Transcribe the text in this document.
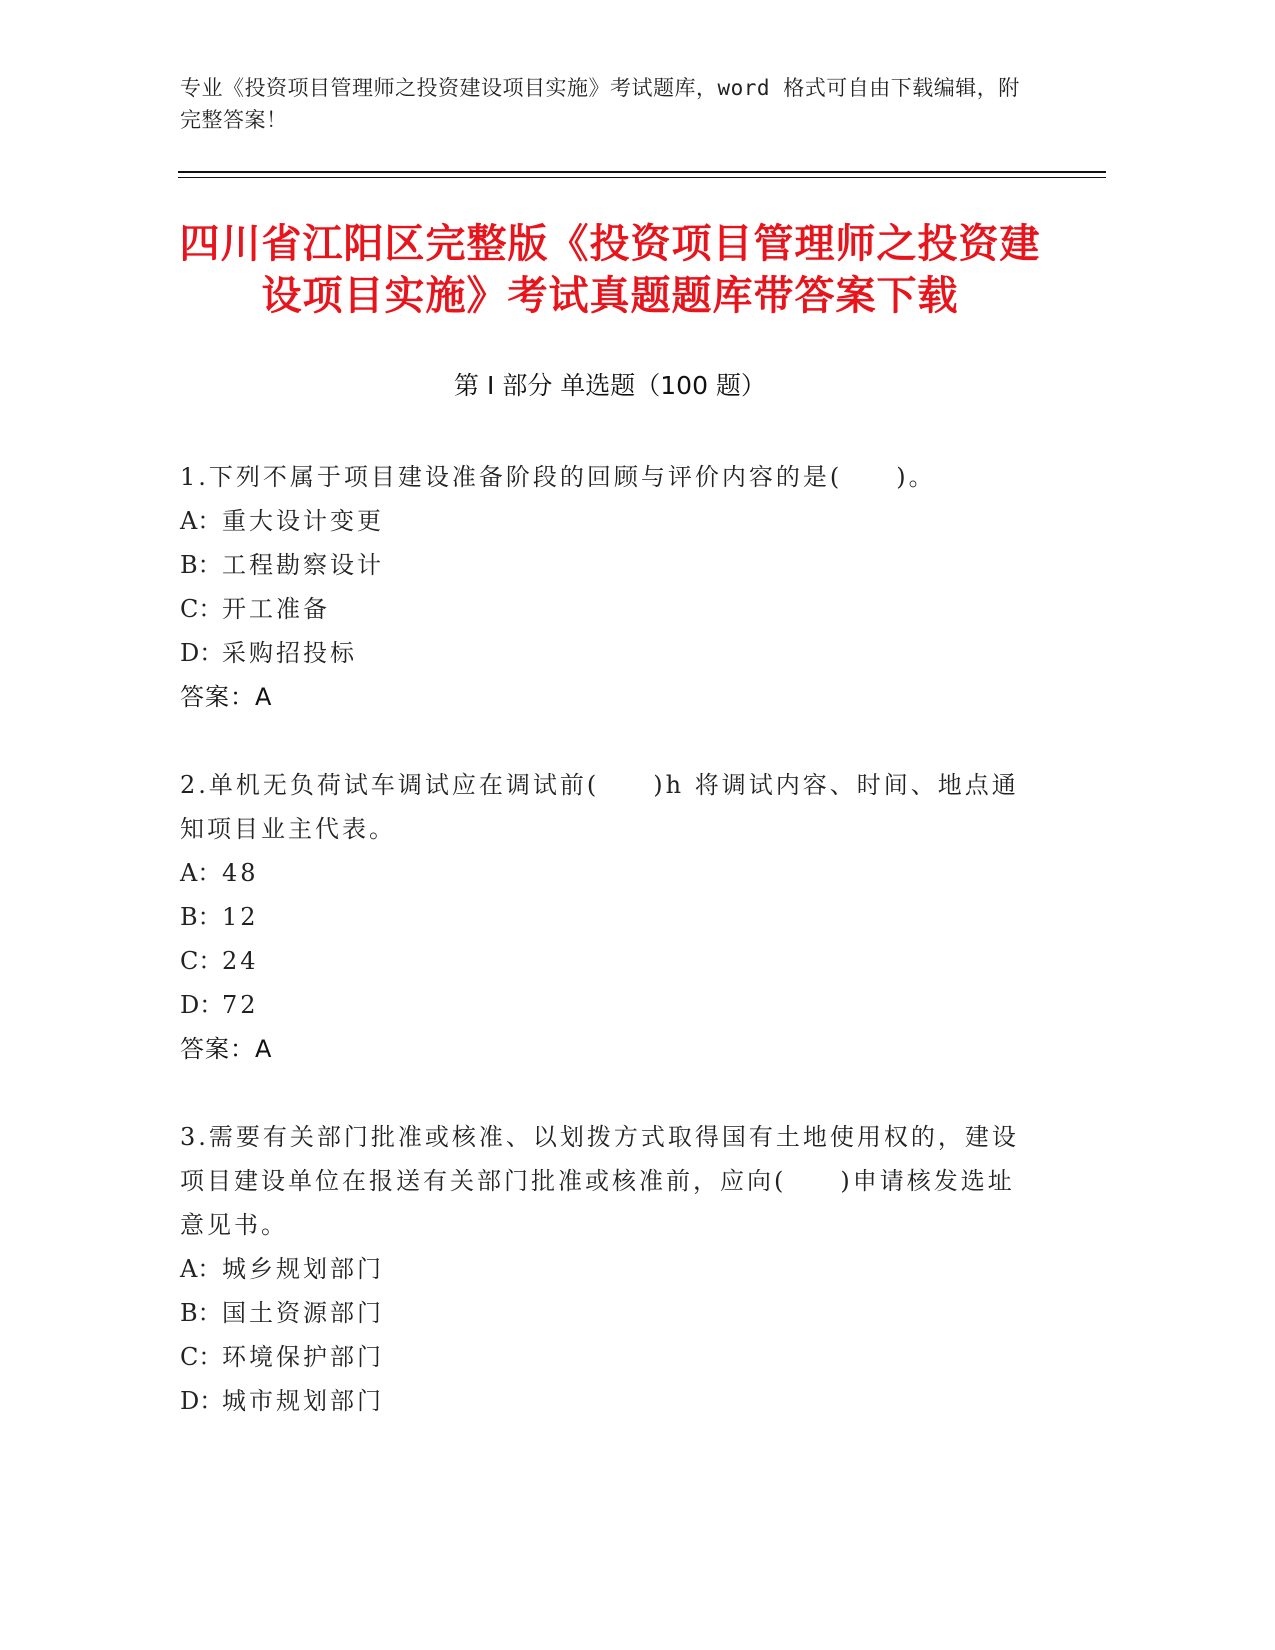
专业《投资项目管理师之投资建设项目实施》考试题库，word 格式可自由下载编辑，附完整答案！
四川省江阳区完整版《投资项目管理师之投资建设项目实施》考试真题题库带答案下载
第 I 部分 单选题（100 题）
1.下列不属于项目建设准备阶段的回顾与评价内容的是(　　)。
A：重大设计变更
B：工程勘察设计
C：开工准备
D：采购招投标
答案：A
2.单机无负荷试车调试应在调试前(　　)h 将调试内容、时间、地点通知项目业主代表。
A：48
B：12
C：24
D：72
答案：A
3.需要有关部门批准或核准、以划拨方式取得国有土地使用权的，建设项目建设单位在报送有关部门批准或核准前，应向(　　)申请核发选址意见书。
A：城乡规划部门
B：国土资源部门
C：环境保护部门
D：城市规划部门
